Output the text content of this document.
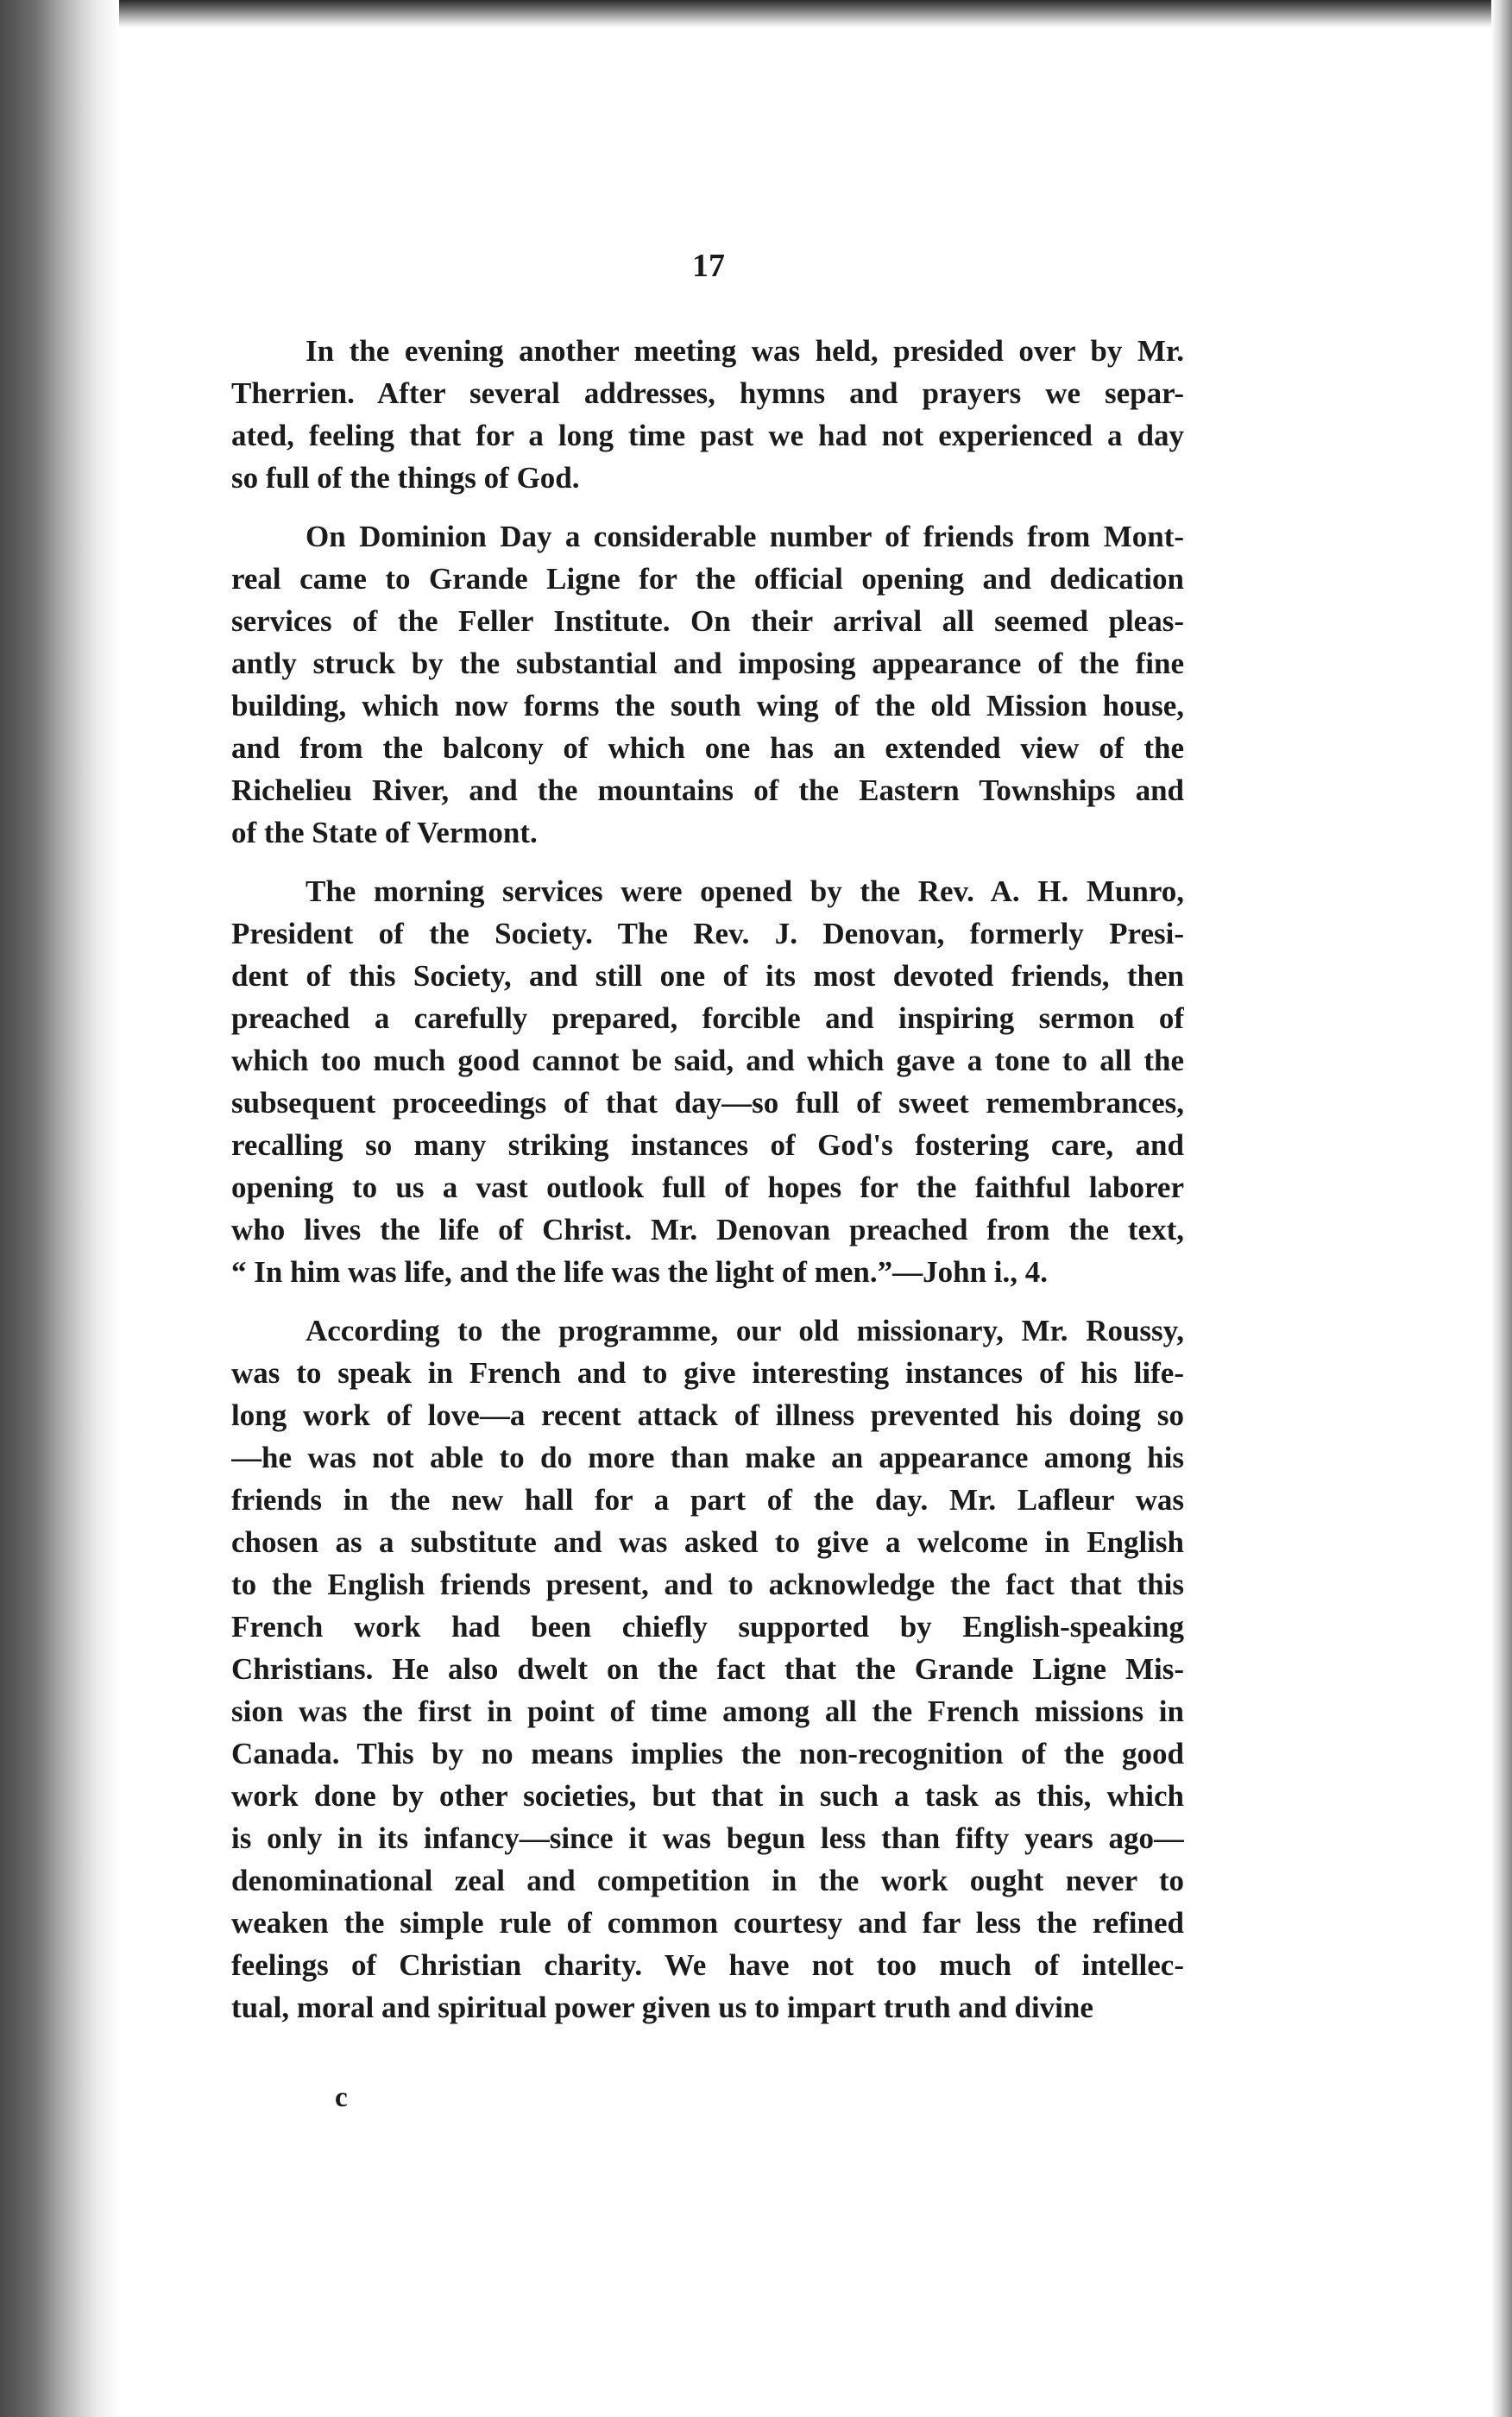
17
In the evening another meeting was held, presided over by Mr.
Therrien. After several addresses, hymns and prayers we separ-
ated, feeling that for a long time past we had not experienced a day
so full of the things of God.
On Dominion Day a considerable number of friends from Mont-
real came to Grande Ligne for the official opening and dedication
services of the Feller Institute. On their arrival all seemed pleas-
antly struck by the substantial and imposing appearance of the fine
building, which now forms the south wing of the old Mission house,
and from the balcony of which one has an extended view of the
Richelieu River, and the mountains of the Eastern Townships and
of the State of Vermont.
The morning services were opened by the Rev. A. H. Munro,
President of the Society. The Rev. J. Denovan, formerly Presi-
dent of this Society, and still one of its most devoted friends, then
preached a carefully prepared, forcible and inspiring sermon of
which too much good cannot be said, and which gave a tone to all the
subsequent proceedings of that day—so full of sweet remembrances,
recalling so many striking instances of God's fostering care, and
opening to us a vast outlook full of hopes for the faithful laborer
who lives the life of Christ. Mr. Denovan preached from the text,
“ In him was life, and the life was the light of men.”—John i., 4.
According to the programme, our old missionary, Mr. Roussy,
was to speak in French and to give interesting instances of his life-
long work of love—a recent attack of illness prevented his doing so
—he was not able to do more than make an appearance among his
friends in the new hall for a part of the day. Mr. Lafleur was
chosen as a substitute and was asked to give a welcome in English
to the English friends present, and to acknowledge the fact that this
French work had been chiefly supported by English-speaking
Christians. He also dwelt on the fact that the Grande Ligne Mis-
sion was the first in point of time among all the French missions in
Canada. This by no means implies the non-recognition of the good
work done by other societies, but that in such a task as this, which
is only in its infancy—since it was begun less than fifty years ago—
denominational zeal and competition in the work ought never to
weaken the simple rule of common courtesy and far less the refined
feelings of Christian charity. We have not too much of intellec-
tual, moral and spiritual power given us to impart truth and divine
c
